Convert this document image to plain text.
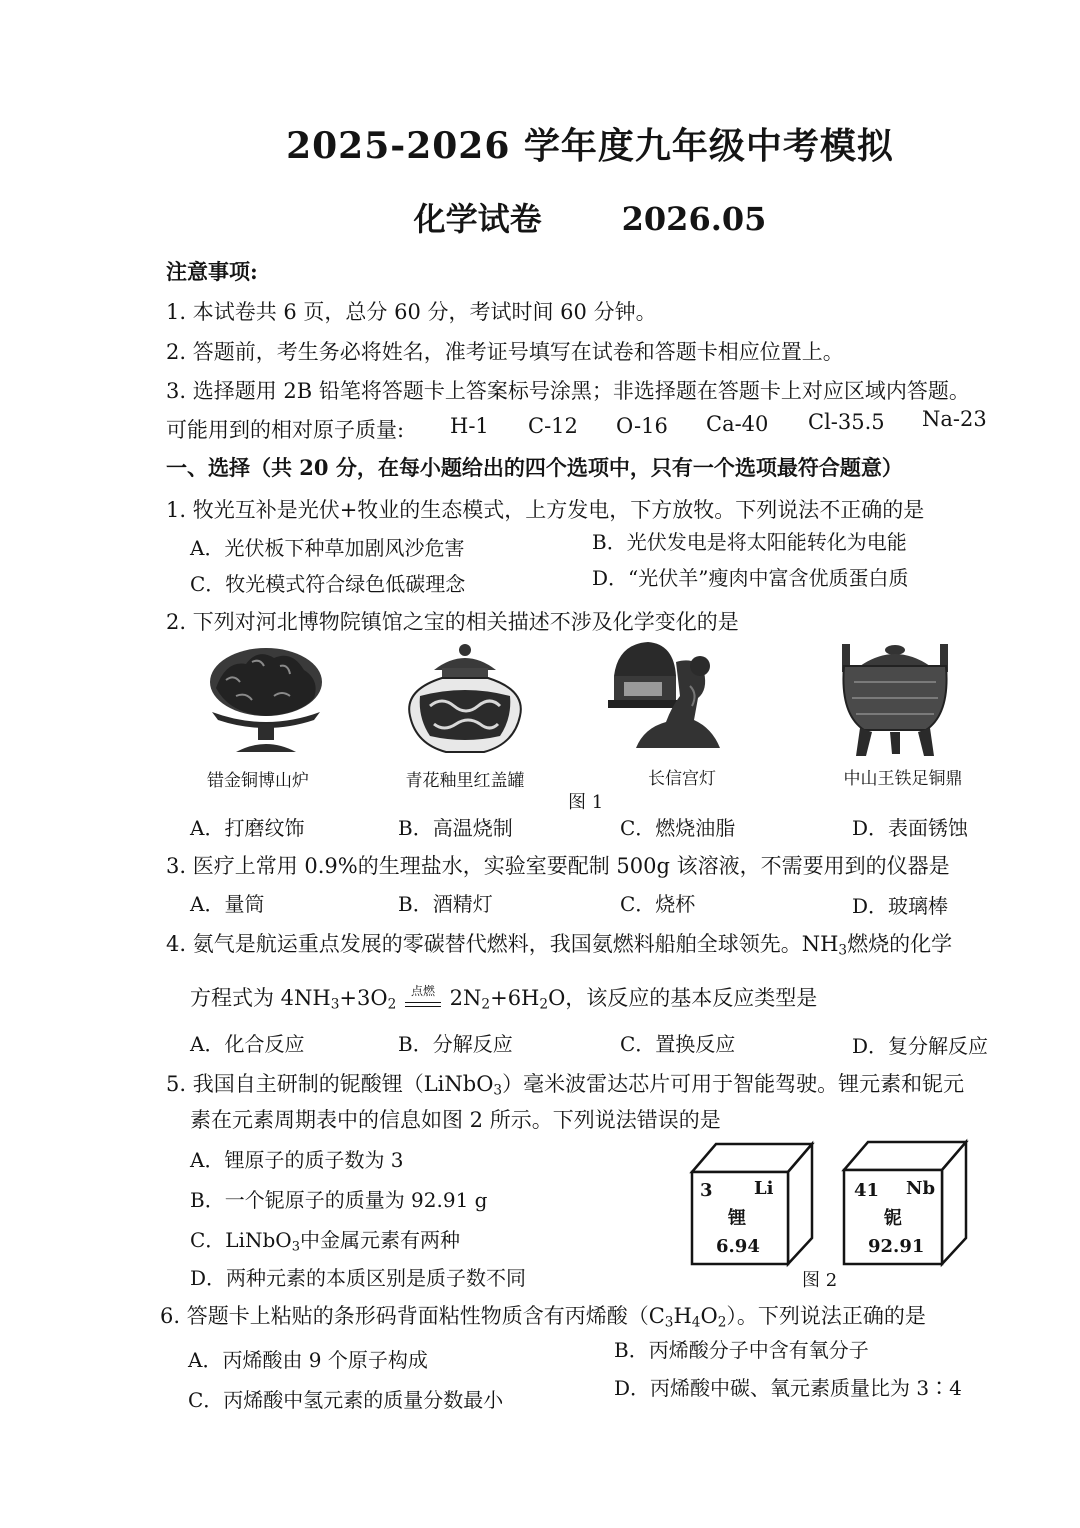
2025-2026 学年度九年级中考模拟
化学试卷	2026.05
注意事项:
1. 本试卷共 6 页，总分 60 分，考试时间 60 分钟。
2. 答题前，考生务必将姓名，准考证号填写在试卷和答题卡相应位置上。
3. 选择题用 2B 铅笔将答题卡上答案标号涂黑；非选择题在答题卡上对应区域内答题。
可能用到的相对原子质量: H-1 C-12 O-16 Ca-40 Cl-35.5 Na-23
一、选择（共 20 分，在每小题给出的四个选项中，只有一个选项最符合题意）
1. 牧光互补是光伏+牧业的生态模式，上方发电，下方放牧。下列说法不正确的是
A．光伏板下种草加剧风沙危害	B．光伏发电是将太阳能转化为电能
C．牧光模式符合绿色低碳理念	D．“光伏羊”瘦肉中富含优质蛋白质
2. 下列对河北博物院镇馆之宝的相关描述不涉及化学变化的是
错金铜博山炉	青花釉里红盖罐	长信宫灯	中山王铁足铜鼎
图 1
A．打磨纹饰	B．高温烧制	C．燃烧油脂	D．表面锈蚀
3. 医疗上常用 0.9%的生理盐水，实验室要配制 500g 该溶液，不需要用到的仪器是
A．量筒	B．酒精灯	C．烧杯	D．玻璃棒
4. 氨气是航运重点发展的零碳替代燃料，我国氨燃料船舶全球领先。$NH_3$燃烧的化学
方程式为 $4NH_3+3O_2$
点燃 $2N_2+6H_2O$，该反应的基本反应类型是
A．化合反应	B．分解反应	C．置换反应	D．复分解反应
5. 我国自主研制的铌酸锂（LiNbO$_3$）毫米波雷达芯片可用于智能驾驶。锂元素和铌元
素在元素周期表中的信息如图 2 所示。下列说法错误的是
A．锂原子的质子数为 3
B．一个铌原子的质量为 92.91 g
C．LiNbO$_3$中金属元素有两种
D．两种元素的本质区别是质子数不同
3 Li
锂
6.94
41 Nb
铌
92.91
图 2
6. 答题卡上粘贴的条形码背面粘性物质含有丙烯酸$(C_3H_4O_2)$。下列说法正确的是
A．丙烯酸由 9 个原子构成	B．丙烯酸分子中含有氧分子
C．丙烯酸中氢元素的质量分数最小	D．丙烯酸中碳、氧元素质量比为 3∶4
